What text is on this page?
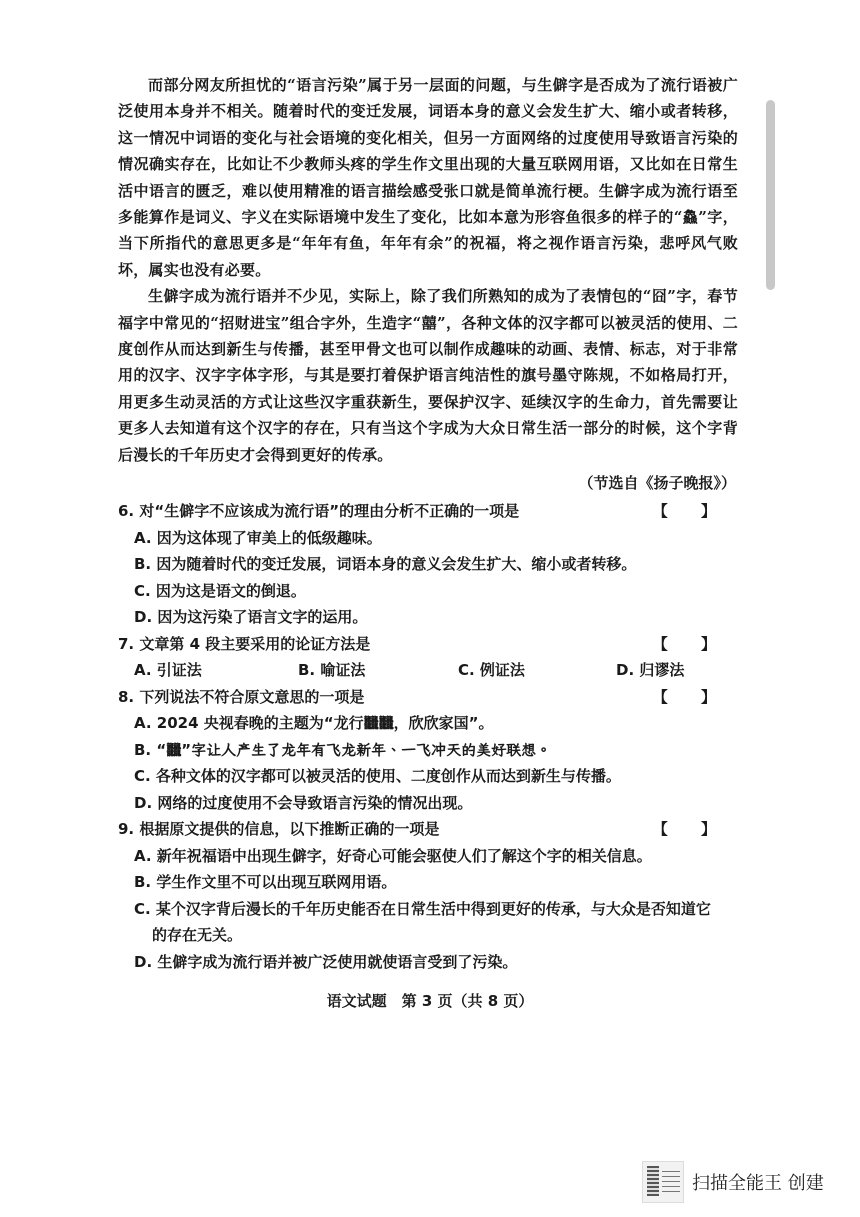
而部分网友所担忧的“语言污染”属于另一层面的问题，与生僻字是否成为了流行语被广泛使用本身并不相关。随着时代的变迁发展，词语本身的意义会发生扩大、缩小或者转移，这一情况中词语的变化与社会语境的变化相关，但另一方面网络的过度使用导致语言污染的情况确实存在，比如让不少教师头疼的学生作文里出现的大量互联网用语，又比如在日常生活中语言的匮乏，难以使用精准的语言描绘感受张口就是简单流行梗。生僻字成为流行语至 多能算作是词义、字义在实际语境中发生了变化，比如本意为形容鱼很多的样子的“鱻”字，当下所指代的意思更多是“年年有鱼，年年有余”的祝福，将之视作语言污染，悲呼风气败坏，属实也没有必要。

生僻字成为流行语并不少见，实际上，除了我们所熟知的成为了表情包的“囧”字，春节福字中常见的“招财进宝”组合字外，生造字“囍”，各种文体的汉字都可以被灵活的使用、二度创作从而达到新生与传播，甚至甲骨文也可以制作成趣味的动画、表情、标志，对于非常用的汉字、汉字字体字形，与其是要打着保护语言纯洁性的旗号墨守陈规，不如格局打开，用更多生动灵活的方式让这些汉字重获新生，要保护汉字、延续汉字的生命力，首先需要让更多人去知道有这个汉字的存在，只有当这个字成为大众日常生活一部分的时候，这个字背后漫长的千年历史才会得到更好的传承。

（节选自《扬子晚报》）
6. 对“生僻字不应该成为流行语”的理由分析不正确的一项是	【 】
A. 因为这体现了审美上的低级趣味。
B. 因为随着时代的变迁发展，词语本身的意义会发生扩大、缩小或者转移。
C. 因为这是语文的倒退。
D. 因为这污染了语言文字的运用。
7. 文章第 4 段主要采用的论证方法是	【 】
A. 引证法	B. 喻证法	C. 例证法	D. 归谬法
8. 下列说法不符合原文意思的一项是	【 】
A. 2024 央视春晚的主题为“龙行𪚥𪚥，欣欣家国”。
B. “𪚥”字让人产生了龙年有飞龙新年、一飞冲天的美好联想。
C. 各种文体的汉字都可以被灵活的使用、二度创作从而达到新生与传播。
D. 网络的过度使用不会导致语言污染的情况出现。
9. 根据原文提供的信息，以下推断正确的一项是	【 】
A. 新年祝福语中出现生僻字，好奇心可能会驱使人们了解这个字的相关信息。
B. 学生作文里不可以出现互联网用语。
C. 某个汉字背后漫长的千年历史能否在日常生活中得到更好的传承，与大众是否知道它
的存在无关。
D. 生僻字成为流行语并被广泛使用就使语言受到了污染。
语文试题　第 3 页（共 8 页）
扫描全能王 创建
